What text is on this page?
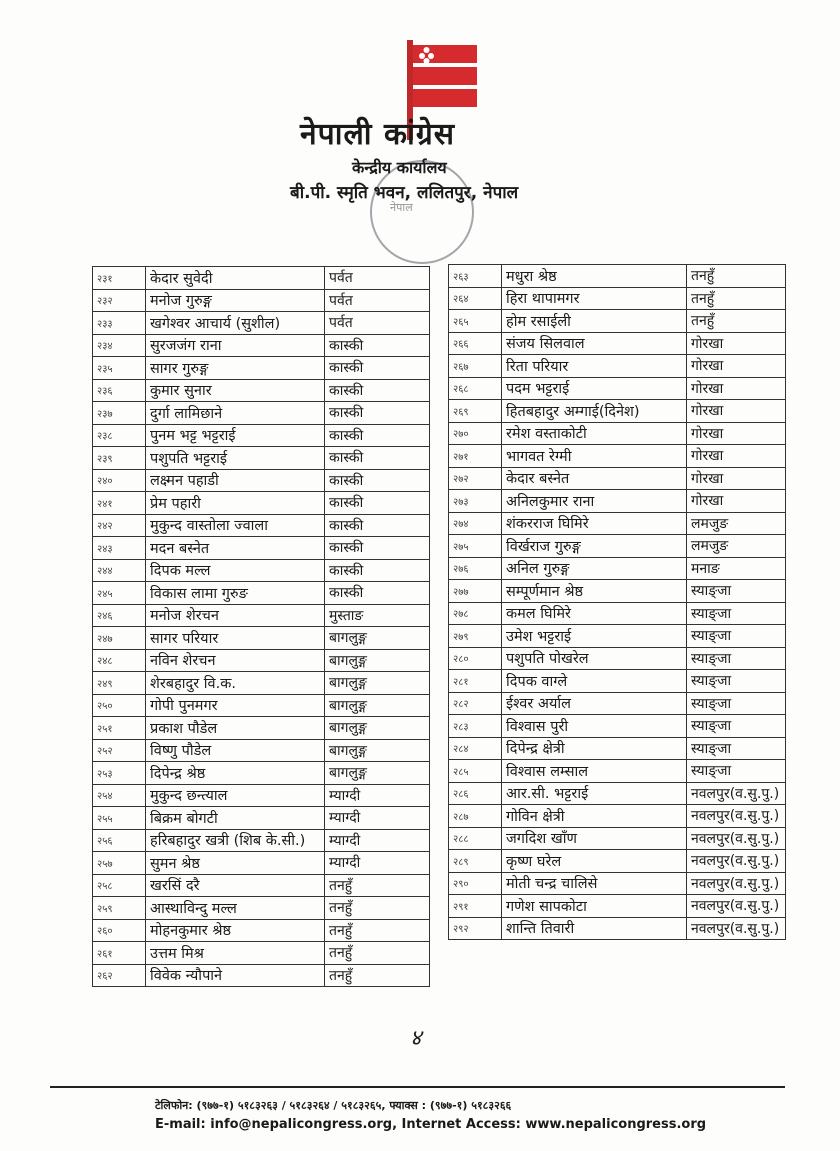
नेपाली कांग्रेस
नेपाल
केन्द्रीय कार्यालय
बी.पी. स्मृति भवन, ललितपुर, नेपाल
२३१	केदार सुवेदी	पर्वत
२३२	मनोज गुरुङ्ग	पर्वत
२३३	खगेश्वर आचार्य (सुशील)	पर्वत
२३४	सुरजजंग राना	कास्की
२३५	सागर गुरुङ्ग	कास्की
२३६	कुमार सुनार	कास्की
२३७	दुर्गा लामिछाने	कास्की
२३८	पुनम भट्ट भट्टराई	कास्की
२३९	पशुपति भट्टराई	कास्की
२४०	लक्ष्मन पहाडी	कास्की
२४१	प्रेम पहारी	कास्की
२४२	मुकुन्द वास्तोला ज्वाला	कास्की
२४३	मदन बस्नेत	कास्की
२४४	दिपक मल्ल	कास्की
२४५	विकास लामा गुरुङ	कास्की
२४६	मनोज शेरचन	मुस्ताङ
२४७	सागर परियार	बागलुङ्ग
२४८	नविन शेरचन	बागलुङ्ग
२४९	शेरबहादुर वि.क.	बागलुङ्ग
२५०	गोपी पुनमगर	बागलुङ्ग
२५१	प्रकाश पौडेल	बागलुङ्ग
२५२	विष्णु पौडेल	बागलुङ्ग
२५३	दिपेन्द्र श्रेष्ठ	बागलुङ्ग
२५४	मुकुन्द छन्त्याल	म्याग्दी
२५५	बिक्रम बोगटी	म्याग्दी
२५६	हरिबहादुर खत्री (शिब के.सी.)	म्याग्दी
२५७	सुमन श्रेष्ठ	म्याग्दी
२५८	खरसिं दरै	तनहुँ
२५९	आस्थाविन्दु मल्ल	तनहुँ
२६०	मोहनकुमार श्रेष्ठ	तनहुँ
२६१	उत्तम मिश्र	तनहुँ
२६२	विवेक न्यौपाने	तनहुँ
२६३	मधुरा श्रेष्ठ	तनहुँ
२६४	हिरा थापामगर	तनहुँ
२६५	होम रसाईली	तनहुँ
२६६	संजय सिलवाल	गोरखा
२६७	रिता परियार	गोरखा
२६८	पदम भट्टराई	गोरखा
२६९	हितबहादुर अम्गाई(दिनेश)	गोरखा
२७०	रमेश वस्ताकोटी	गोरखा
२७१	भागवत रेग्मी	गोरखा
२७२	केदार बस्नेत	गोरखा
२७३	अनिलकुमार राना	गोरखा
२७४	शंकरराज घिमिरे	लमजुङ
२७५	विर्खराज गुरुङ्ग	लमजुङ
२७६	अनिल गुरुङ्ग	मनाङ
२७७	सम्पूर्णमान श्रेष्ठ	स्याङ्जा
२७८	कमल घिमिरे	स्याङ्जा
२७९	उमेश भट्टराई	स्याङ्जा
२८०	पशुपति पोखरेल	स्याङ्जा
२८१	दिपक वाग्ले	स्याङ्जा
२८२	ईश्वर अर्याल	स्याङ्जा
२८३	विश्वास पुरी	स्याङ्जा
२८४	दिपेन्द्र क्षेत्री	स्याङ्जा
२८५	विश्वास लम्साल	स्याङ्जा
२८६	आर.सी. भट्टराई	नवलपुर(व.सु.पु.)
२८७	गोविन क्षेत्री	नवलपुर(व.सु.पु.)
२८८	जगदिश खाँण	नवलपुर(व.सु.पु.)
२८९	कृष्ण घरेल	नवलपुर(व.सु.पु.)
२९०	मोती चन्द्र चालिसे	नवलपुर(व.सु.पु.)
२९१	गणेश सापकोटा	नवलपुर(व.सु.पु.)
२९२	शान्ति तिवारी	नवलपुर(व.सु.पु.)
४
टेलिफोन: (९७७-१) ५१८३२६३ / ५१८३२६४ / ५१८३२६५, फ्याक्स : (९७७-१) ५१८३२६६
E-mail: info@nepalicongress.org, Internet Access: www.nepalicongress.org
